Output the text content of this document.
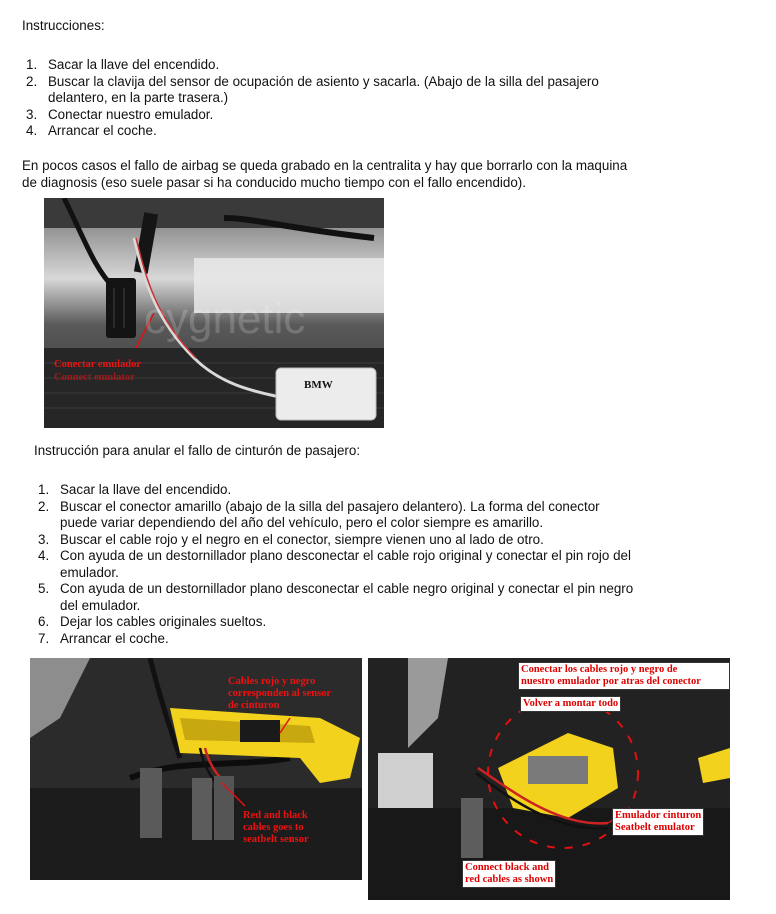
Instrucciones:
1. Sacar la llave del encendido.
2. Buscar la clavija del sensor de ocupación de asiento y sacarla. (Abajo de la silla del pasajero
delantero, en la parte trasera.)
3. Conectar nuestro emulador.
4. Arrancar el coche.
En pocos casos el fallo de airbag se queda grabado en la centralita y hay que borrarlo con la maquina
de diagnosis (eso suele pasar si ha conducido mucho tiempo con el fallo encendido).
cygnetic
BMW
Conectar emulador
Connect emulator
Instrucción para anular el fallo de cinturón de pasajero:
1. Sacar la llave del encendido.
2. Buscar el conector amarillo (abajo de la silla del pasajero delantero). La forma del conector
puede variar dependiendo del año del vehículo, pero el color siempre es amarillo.
3. Buscar el cable rojo y el negro en el conector, siempre vienen uno al lado de otro.
4. Con ayuda de un destornillador plano desconectar el cable rojo original y conectar el pin rojo del
emulador.
5. Con ayuda de un destornillador plano desconectar el cable negro original y conectar el pin negro
del emulador.
6. Dejar los cables originales sueltos.
7. Arrancar el coche.
Cables rojo y negro
corresponden al sensor
de cinturon
Red and black
cables goes to
seatbelt sensor
Conectar los cables rojo y negro de
nuestro emulador por atras del conector
Volver a montar todo
Emulador cinturon
Seatbelt emulator
Connect black and
red cables as shown
